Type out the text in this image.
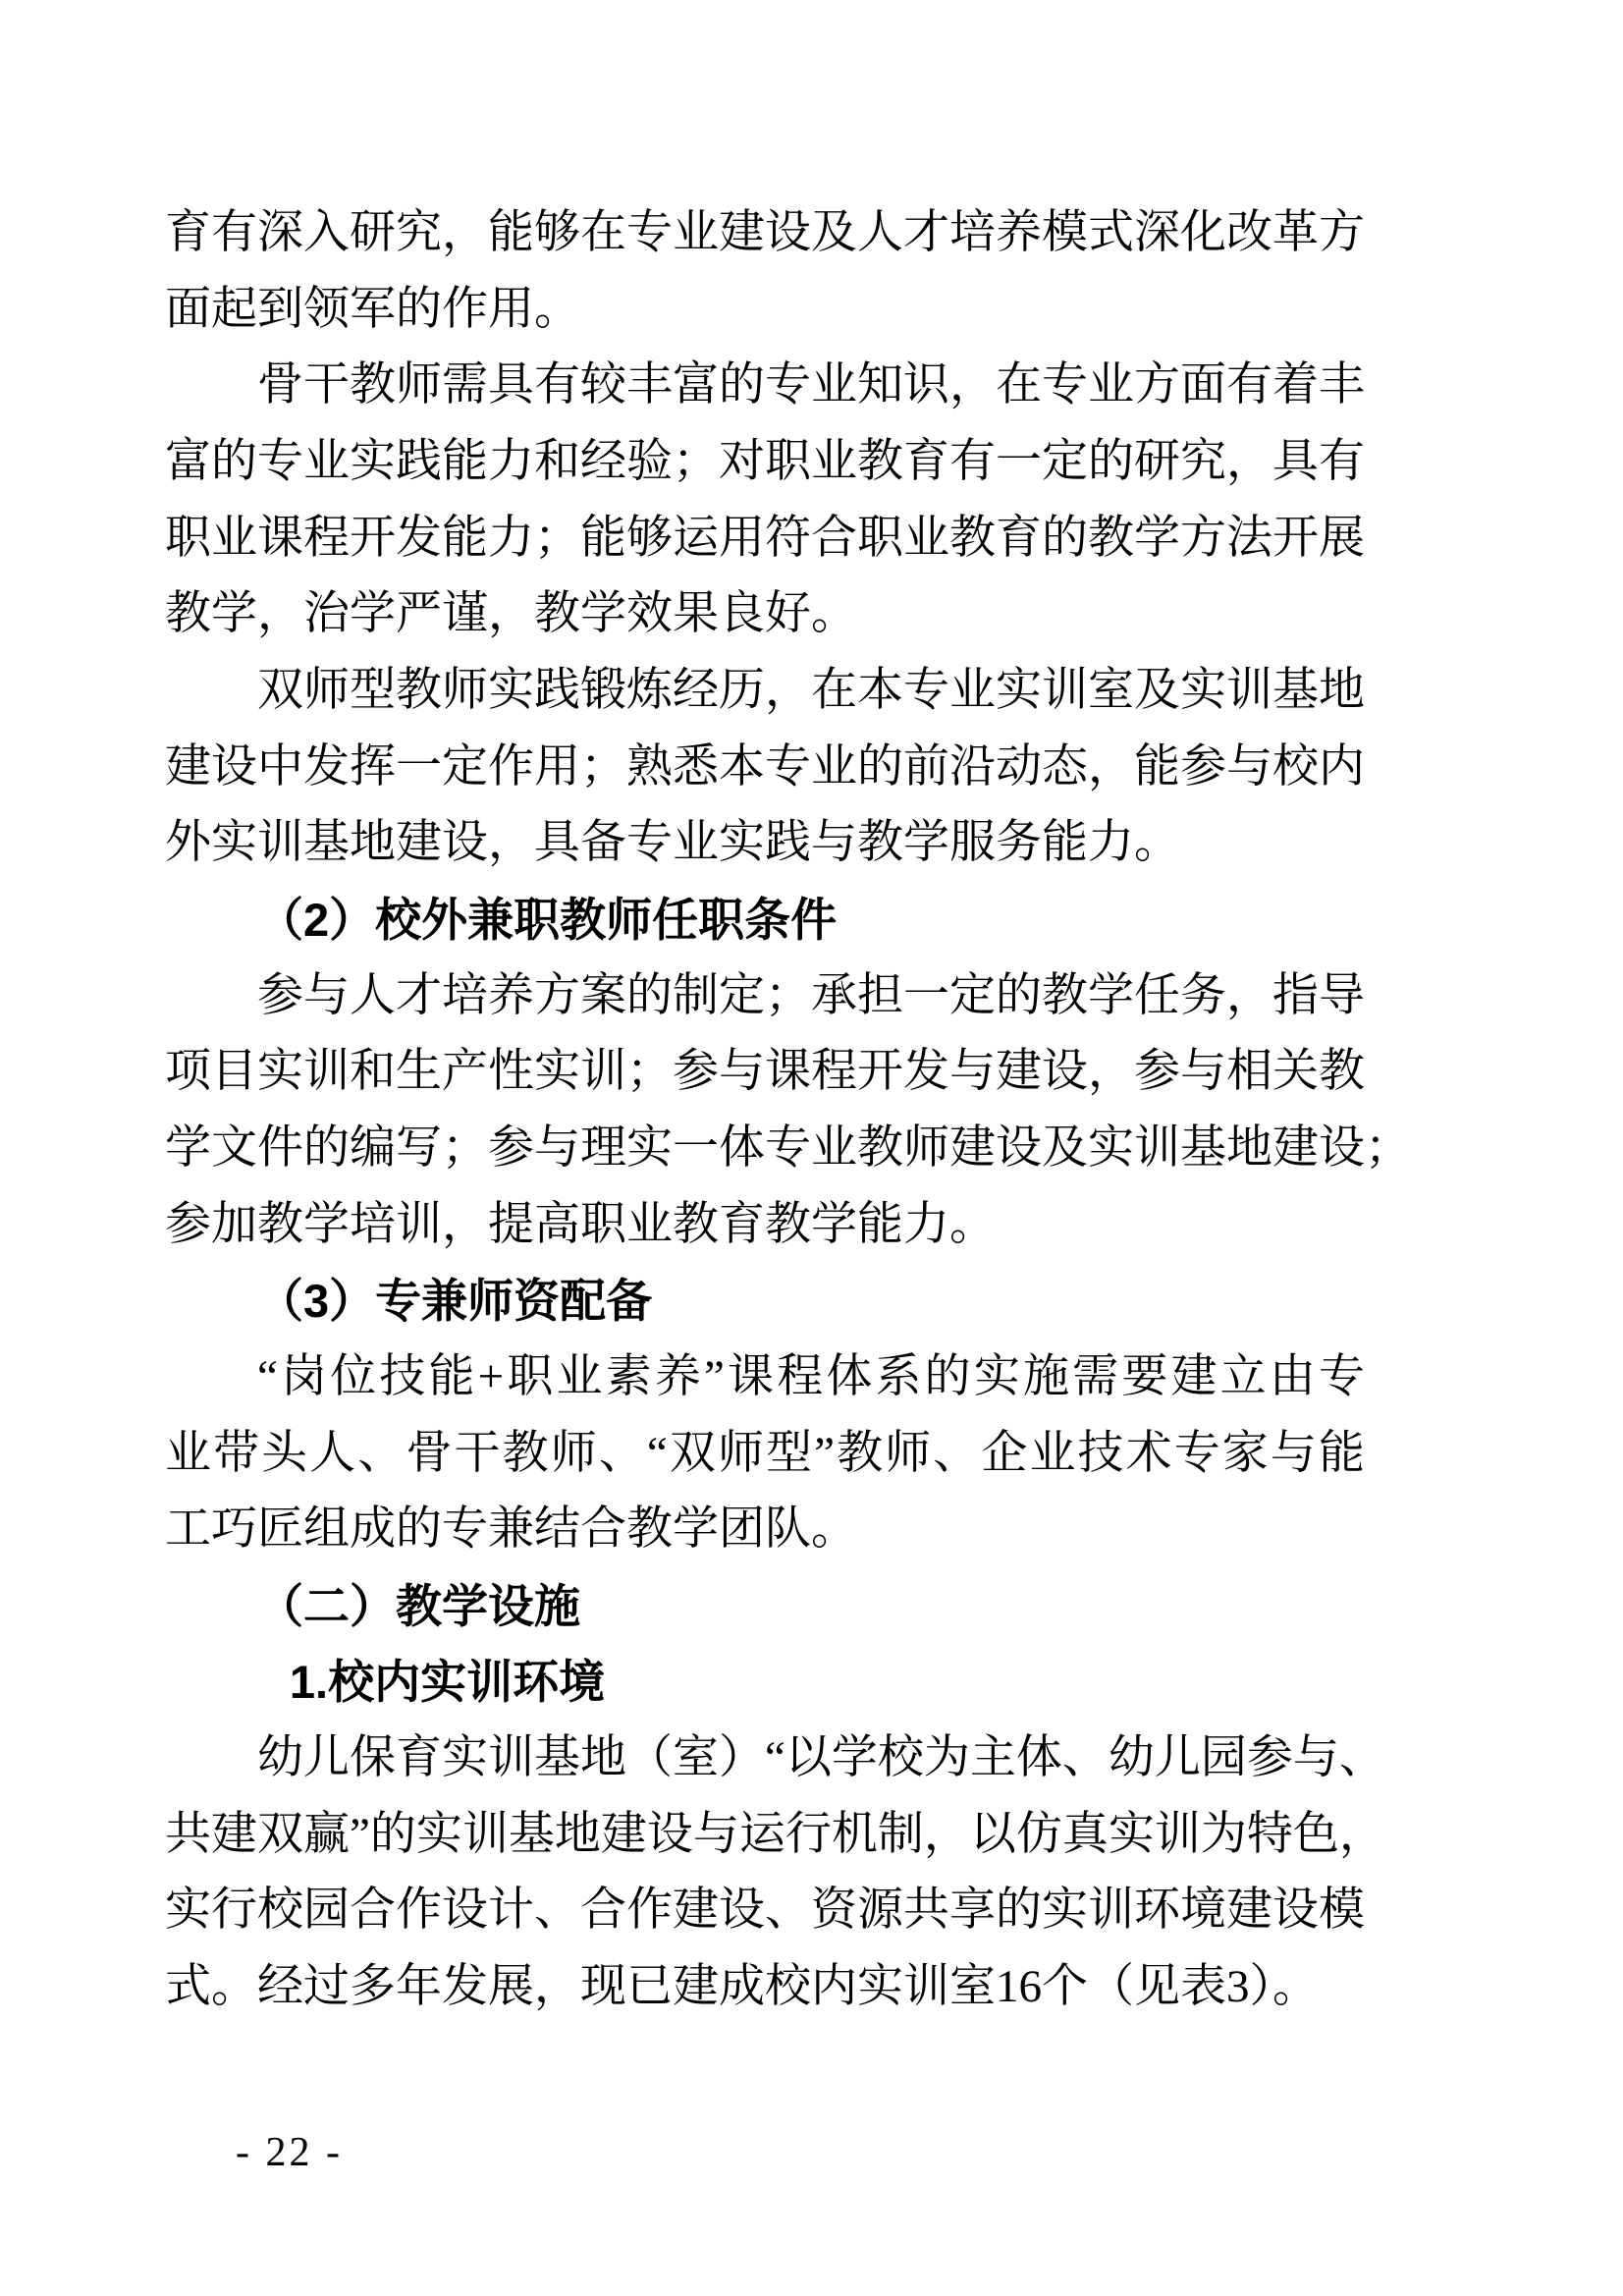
育有深入研究，能够在专业建设及人才培养模式深化改革方

面起到领军的作用。

骨干教师需具有较丰富的专业知识，在专业方面有着丰

富的专业实践能力和经验；对职业教育有一定的研究，具有

职业课程开发能力；能够运用符合职业教育的教学方法开展

教学，治学严谨，教学效果良好。

双师型教师实践锻炼经历，在本专业实训室及实训基地

建设中发挥一定作用；熟悉本专业的前沿动态，能参与校内

外实训基地建设，具备专业实践与教学服务能力。

（2）校外兼职教师任职条件

参与人才培养方案的制定；承担一定的教学任务，指导

项目实训和生产性实训；参与课程开发与建设，参与相关教

学文件的编写；参与理实一体专业教师建设及实训基地建设；

参加教学培训，提高职业教育教学能力。

（3）专兼师资配备

“岗位技能+职业素养”课程体系的实施需要建立由专

业带头人、骨干教师、“双师型”教师、企业技术专家与能

工巧匠组成的专兼结合教学团队。

（二）教学设施

1.校内实训环境

幼儿保育实训基地（室）“以学校为主体、幼儿园参与、

共建双赢”的实训基地建设与运行机制，以仿真实训为特色，

实行校园合作设计、合作建设、资源共享的实训环境建设模

式。经过多年发展，现已建成校内实训室16个（见表3）。

- 22 -
